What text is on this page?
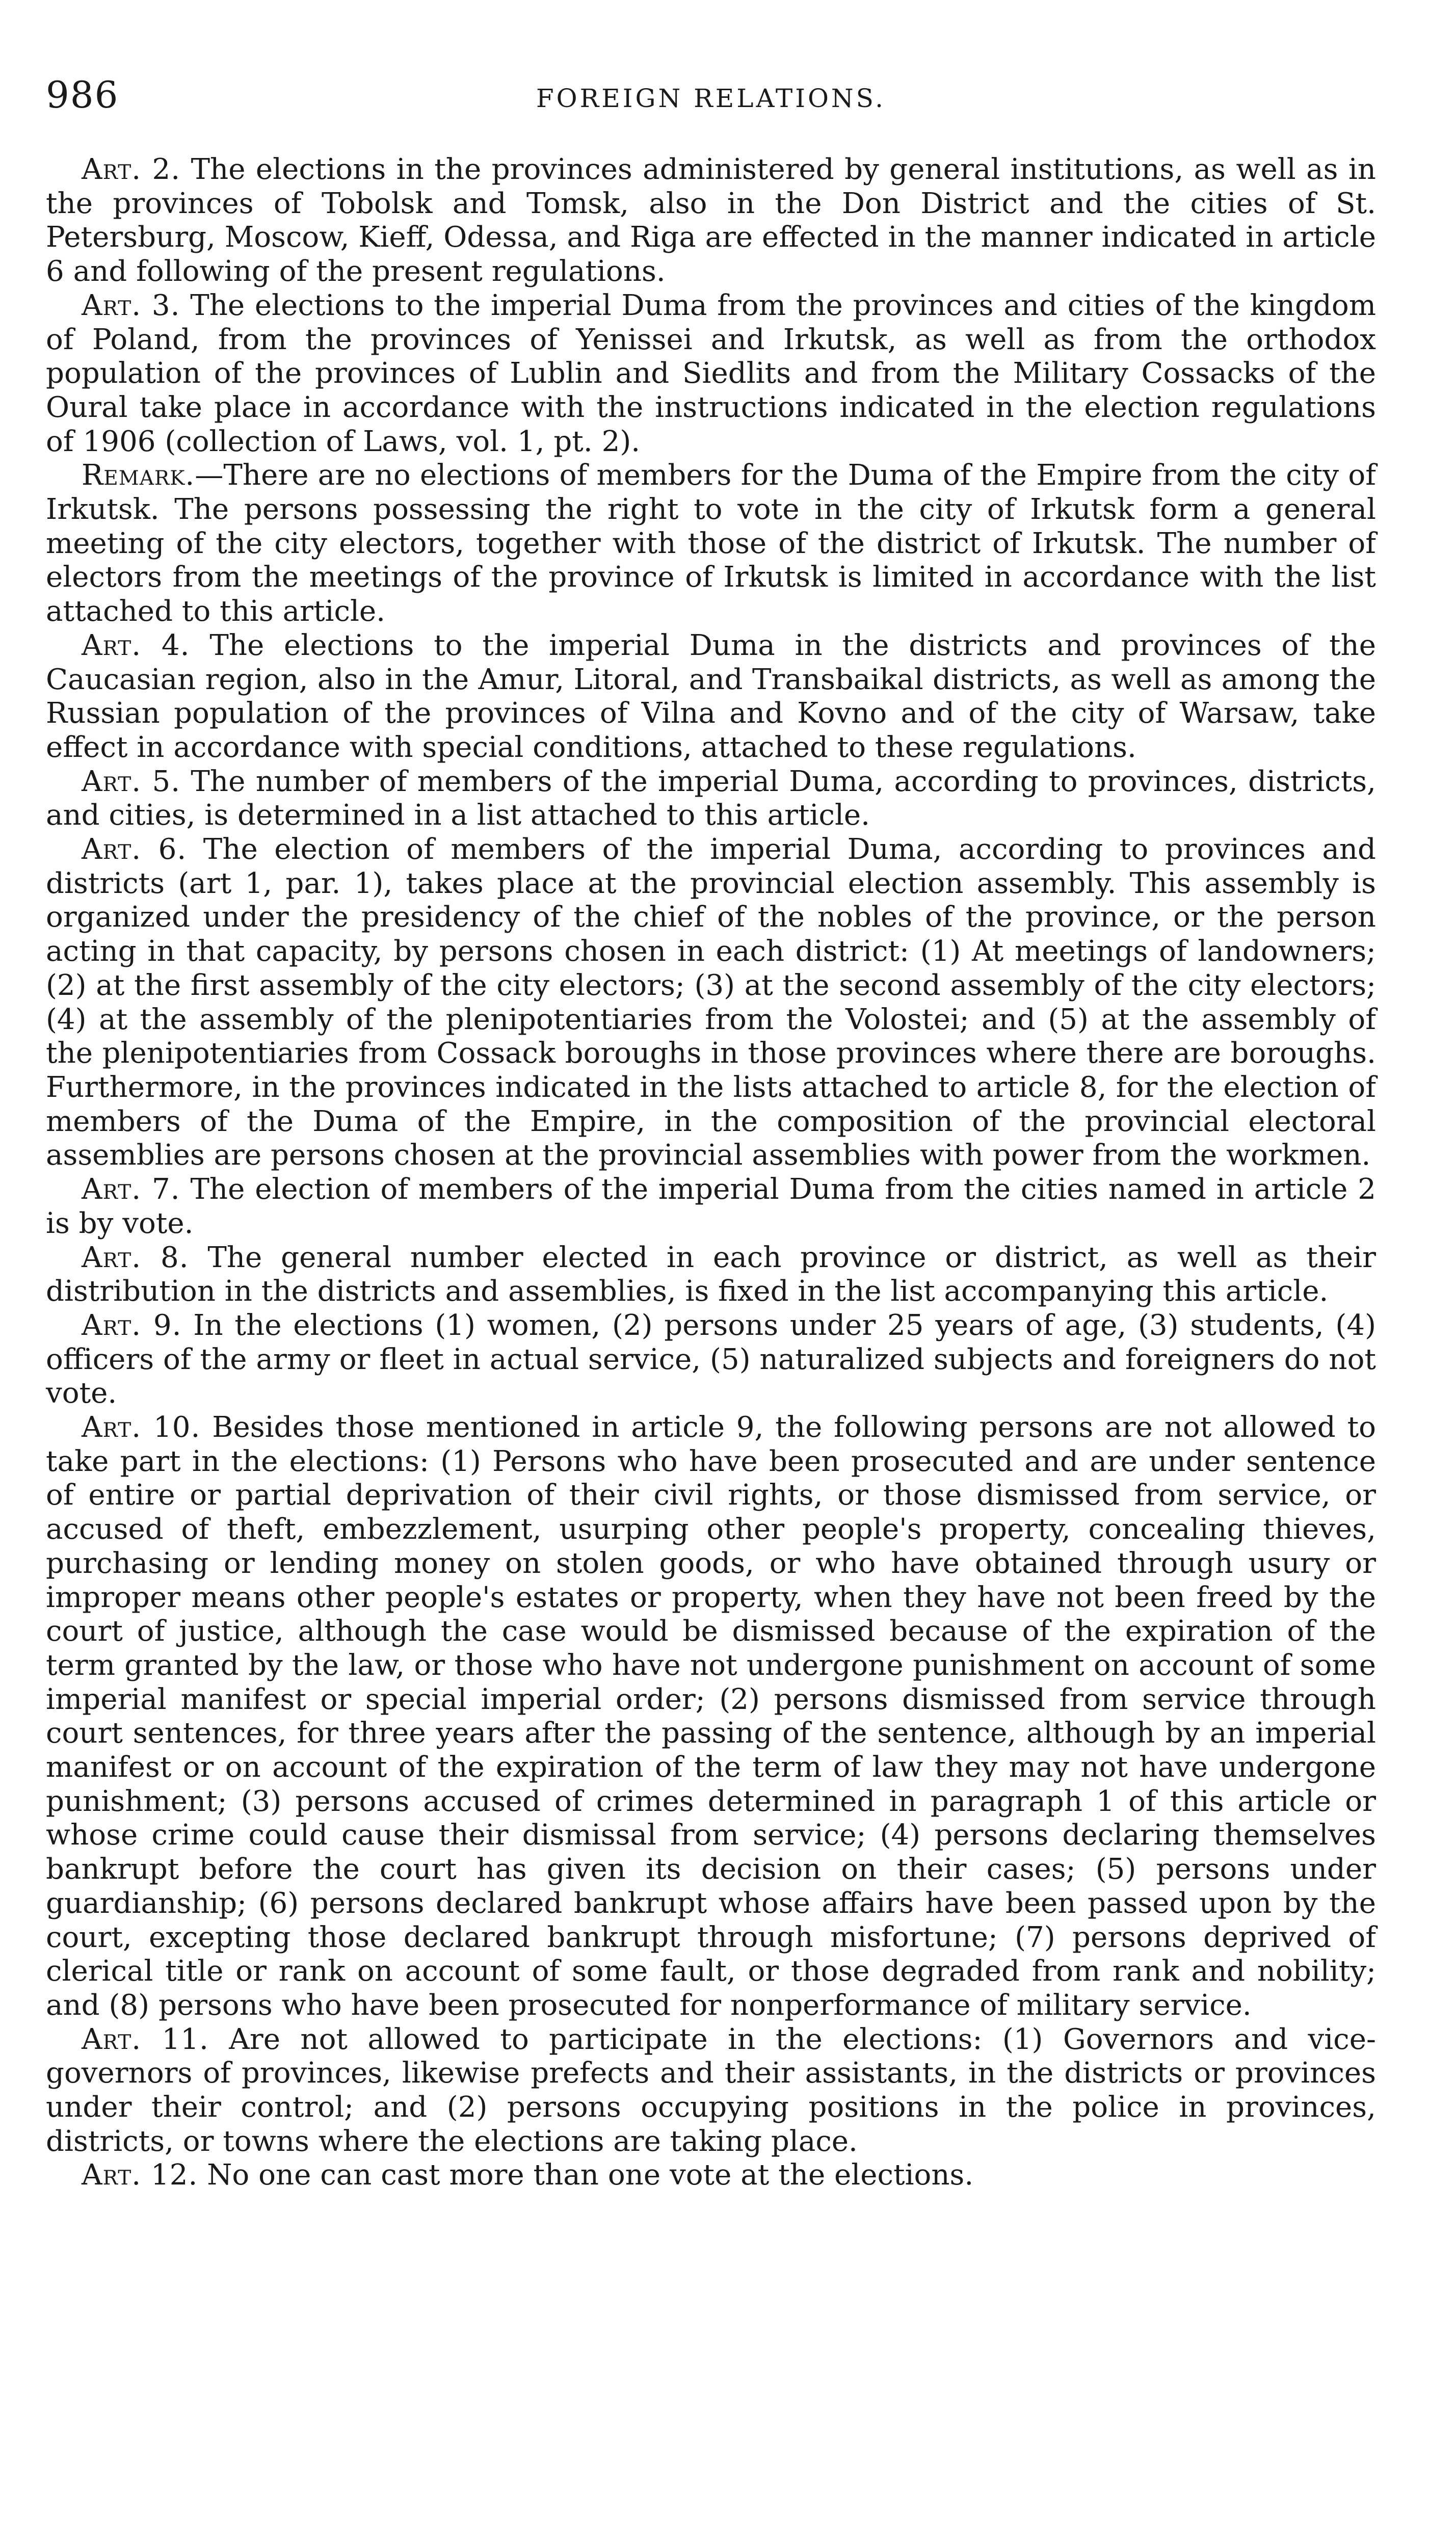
986	FOREIGN RELATIONS.

Art. 2. The elections in the provinces administered by general institutions, as well as in the provinces of Tobolsk and Tomsk, also in the Don District and the cities of St. Petersburg, Moscow, Kieff, Odessa, and Riga are effected in the manner indicated in article 6 and following of the present regulations.

Art. 3. The elections to the imperial Duma from the provinces and cities of the kingdom of Poland, from the provinces of Yenissei and Irkutsk, as well as from the orthodox population of the provinces of Lublin and Siedlits and from the Military Cossacks of the Oural take place in accordance with the instructions indicated in the election regulations of 1906 (collection of Laws, vol. 1, pt. 2).

Remark.—There are no elections of members for the Duma of the Empire from the city of Irkutsk. The persons possessing the right to vote in the city of Irkutsk form a general meeting of the city electors, together with those of the district of Irkutsk. The number of electors from the meetings of the province of Irkutsk is limited in accordance with the list attached to this article.

Art. 4. The elections to the imperial Duma in the districts and provinces of the Caucasian region, also in the Amur, Litoral, and Transbaikal districts, as well as among the Russian population of the provinces of Vilna and Kovno and of the city of Warsaw, take effect in accordance with special conditions, attached to these regulations.

Art. 5. The number of members of the imperial Duma, according to provinces, districts, and cities, is determined in a list attached to this article.

Art. 6. The election of members of the imperial Duma, according to provinces and districts (art 1, par. 1), takes place at the provincial election assembly. This assembly is organized under the presidency of the chief of the nobles of the province, or the person acting in that capacity, by persons chosen in each district: (1) At meetings of landowners; (2) at the first assembly of the city electors; (3) at the second assembly of the city electors; (4) at the assembly of the plenipotentiaries from the Volostei; and (5) at the assembly of the plenipotentiaries from Cossack boroughs in those provinces where there are boroughs. Furthermore, in the provinces indicated in the lists attached to article 8, for the election of members of the Duma of the Empire, in the composition of the provincial electoral assemblies are persons chosen at the provincial assemblies with power from the workmen.

Art. 7. The election of members of the imperial Duma from the cities named in article 2 is by vote.

Art. 8. The general number elected in each province or district, as well as their distribution in the districts and assemblies, is fixed in the list accompanying this article.

Art. 9. In the elections (1) women, (2) persons under 25 years of age, (3) students, (4) officers of the army or fleet in actual service, (5) naturalized subjects and foreigners do not vote.

Art. 10. Besides those mentioned in article 9, the following persons are not allowed to take part in the elections: (1) Persons who have been prosecuted and are under sentence of entire or partial deprivation of their civil rights, or those dismissed from service, or accused of theft, embezzlement, usurping other people's property, concealing thieves, purchasing or lending money on stolen goods, or who have obtained through usury or improper means other people's estates or property, when they have not been freed by the court of justice, although the case would be dismissed because of the expiration of the term granted by the law, or those who have not undergone punishment on account of some imperial manifest or special imperial order; (2) persons dismissed from service through court sentences, for three years after the passing of the sentence, although by an imperial manifest or on account of the expiration of the term of law they may not have undergone punishment; (3) persons accused of crimes determined in paragraph 1 of this article or whose crime could cause their dismissal from service; (4) persons declaring themselves bankrupt before the court has given its decision on their cases; (5) persons under guardianship; (6) persons declared bankrupt whose affairs have been passed upon by the court, excepting those declared bankrupt through misfortune; (7) persons deprived of clerical title or rank on account of some fault, or those degraded from rank and nobility; and (8) persons who have been prosecuted for nonperformance of military service.

Art. 11. Are not allowed to participate in the elections: (1) Governors and vice-governors of provinces, likewise prefects and their assistants, in the districts or provinces under their control; and (2) persons occupying positions in the police in provinces, districts, or towns where the elections are taking place.

Art. 12. No one can cast more than one vote at the elections.
